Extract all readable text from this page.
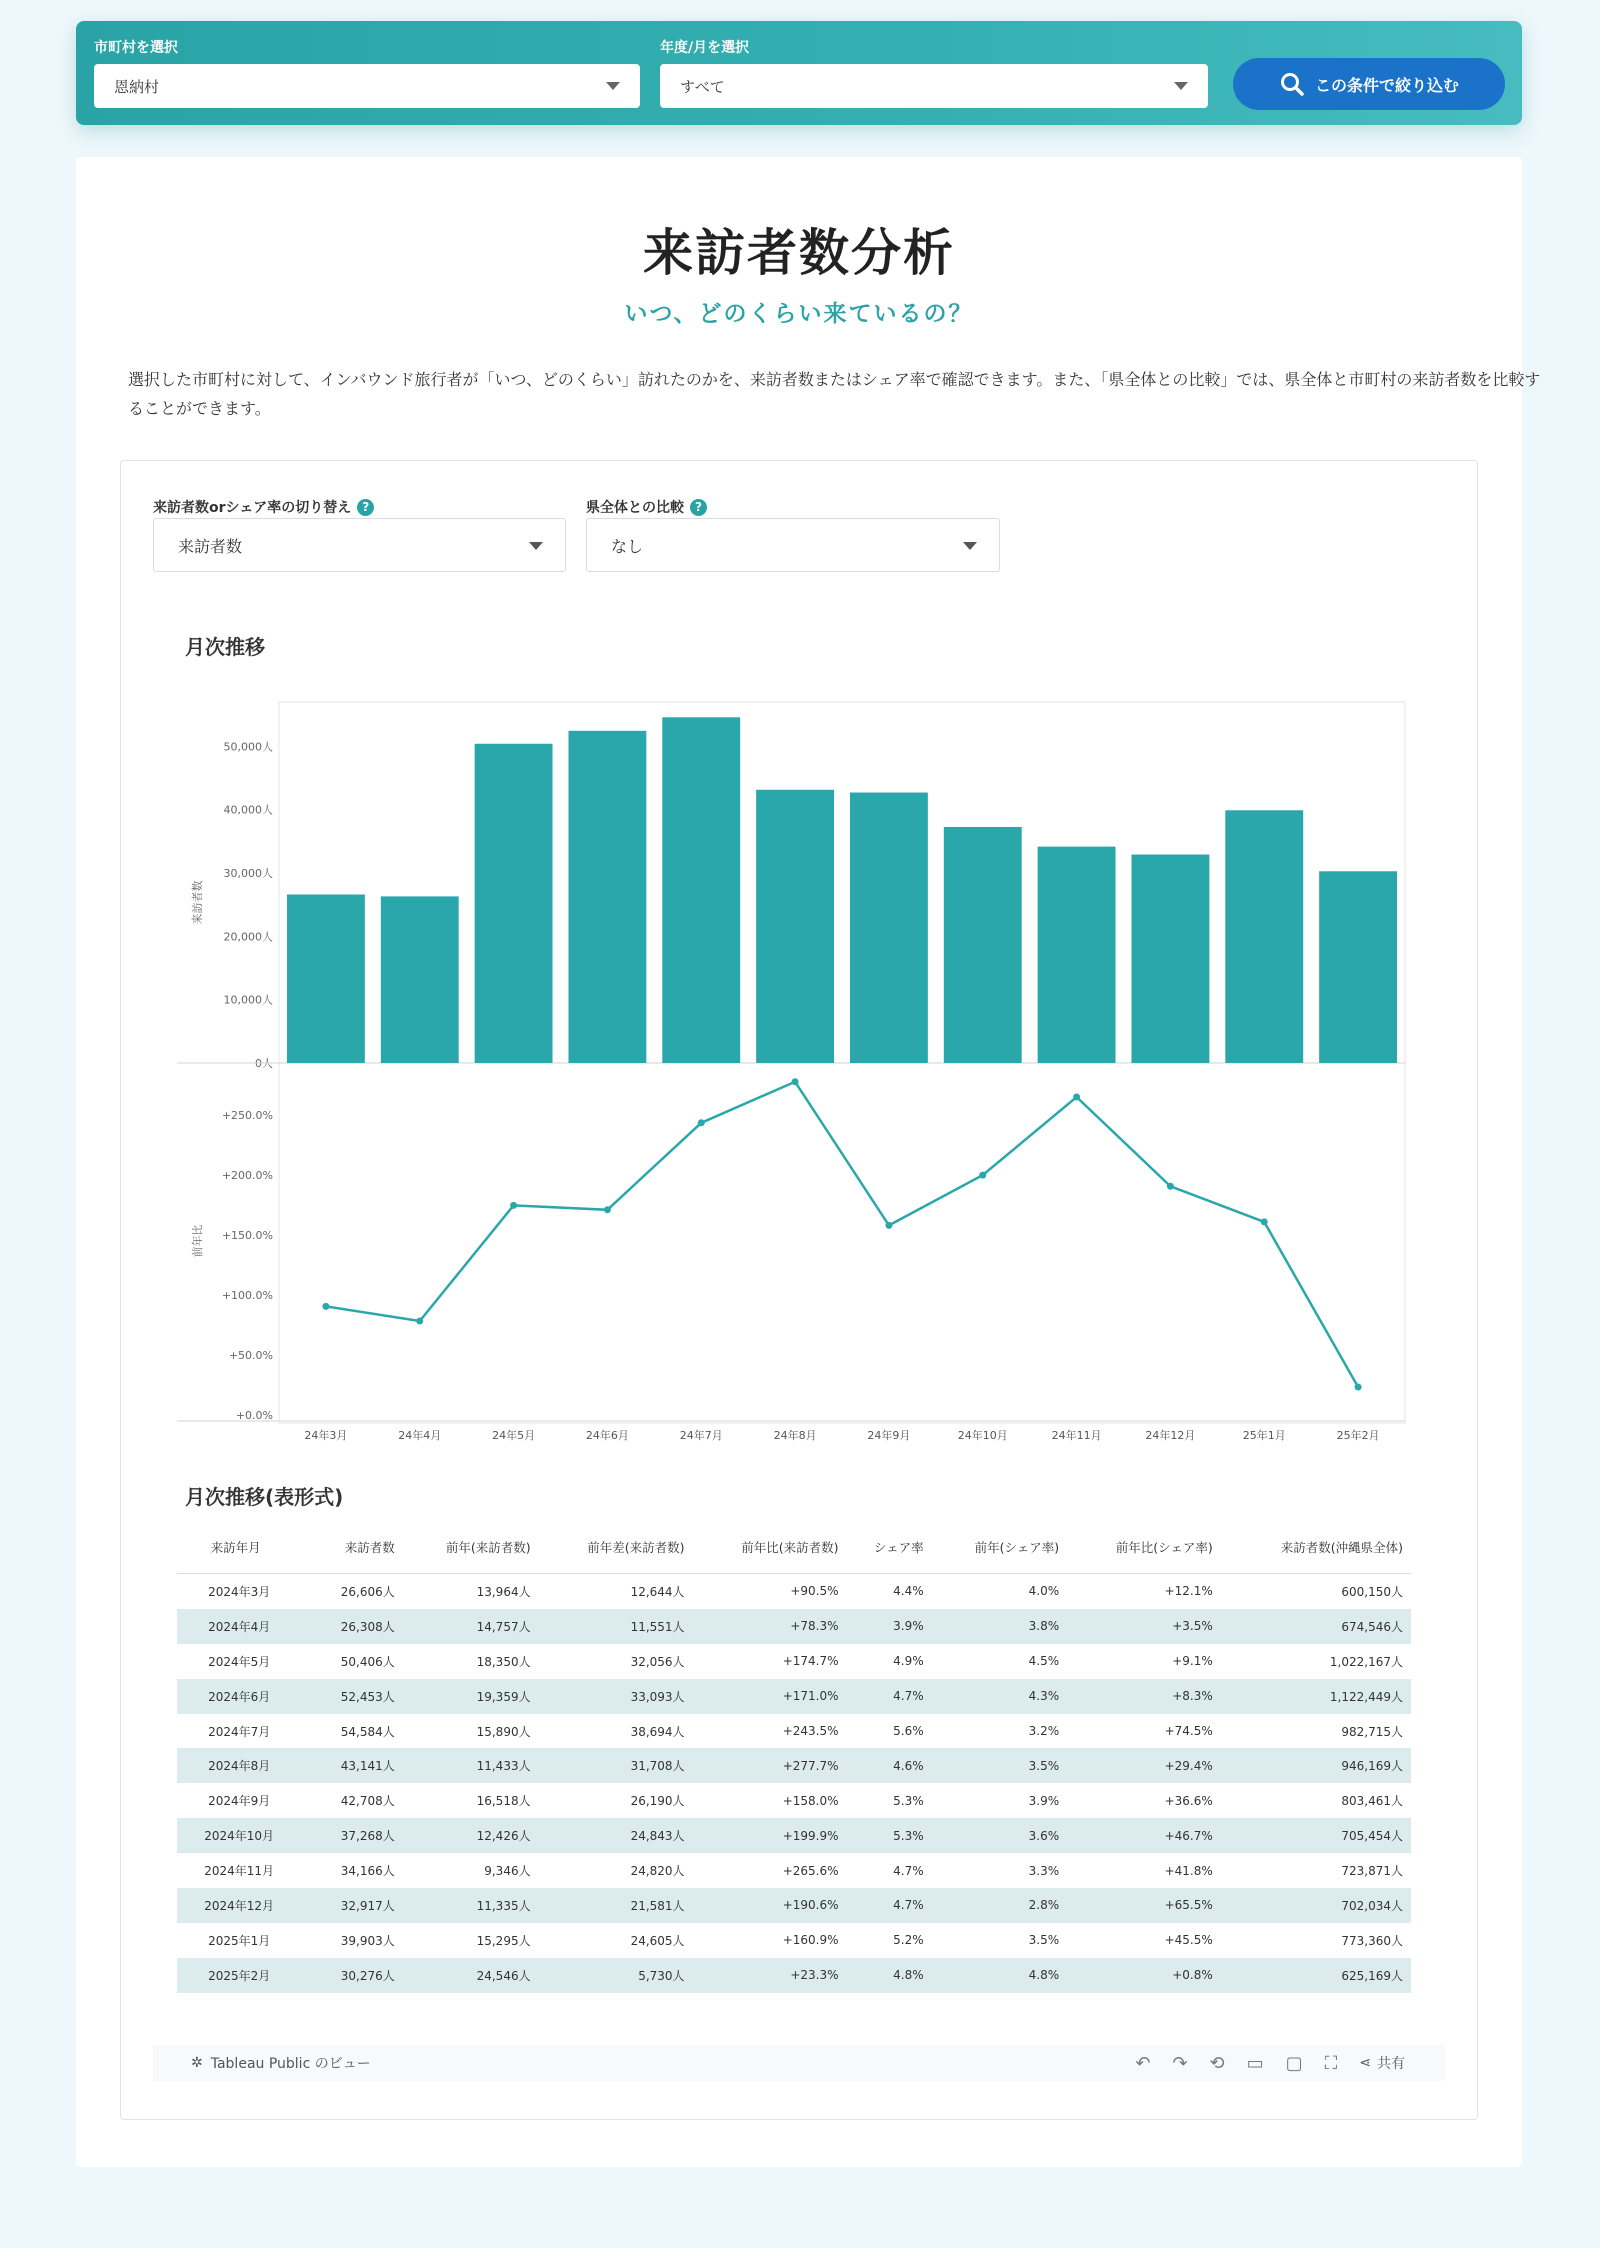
市町村を選択
恩納村
年度/月を選択
すべて	この条件で絞り込む
来訪者数分析
いつ、どのくらい来ているの？
選択した市町村に対して、インバウンド旅行者が「いつ、どのくらい」訪れたのかを、来訪者数またはシェア率で確認できます。また、「県全体との比較」では、県全体と市町村の来訪者数を比較することができます。
来訪者数orシェア率の切り替え ?
来訪者数
県全体との比較 ?
なし
月次推移
0人
10,000人
20,000人
30,000人
40,000人
50,000人
来訪者数
+0.0%
+50.0%
+100.0%
+150.0%
+200.0%
+250.0%
前年比
24年3月	24年4月	24年5月	24年6月	24年7月	24年8月	24年9月	24年10月	24年11月	24年12月	25年1月	25年2月
月次推移(表形式)
来訪年月	来訪者数	前年(来訪者数)	前年差(来訪者数)	前年比(来訪者数)	シェア率	前年(シェア率)	前年比(シェア率)	来訪者数(沖縄県全体)
2024年3月	26,606人	13,964人	12,644人	+90.5%	4.4%	4.0%	+12.1%	600,150人
2024年4月	26,308人	14,757人	11,551人	+78.3%	3.9%	3.8%	+3.5%	674,546人
2024年5月	50,406人	18,350人	32,056人	+174.7%	4.9%	4.5%	+9.1%	1,022,167人
2024年6月	52,453人	19,359人	33,093人	+171.0%	4.7%	4.3%	+8.3%	1,122,449人
2024年7月	54,584人	15,890人	38,694人	+243.5%	5.6%	3.2%	+74.5%	982,715人
2024年8月	43,141人	11,433人	31,708人	+277.7%	4.6%	3.5%	+29.4%	946,169人
2024年9月	42,708人	16,518人	26,190人	+158.0%	5.3%	3.9%	+36.6%	803,461人
2024年10月	37,268人	12,426人	24,843人	+199.9%	5.3%	3.6%	+46.7%	705,454人
2024年11月	34,166人	9,346人	24,820人	+265.6%	4.7%	3.3%	+41.8%	723,871人
2024年12月	32,917人	11,335人	21,581人	+190.6%	4.7%	2.8%	+65.5%	702,034人
2025年1月	39,903人	15,295人	24,605人	+160.9%	5.2%	3.5%	+45.5%	773,360人
2025年2月	30,276人	24,546人	5,730人	+23.3%	4.8%	4.8%	+0.8%	625,169人
✲ Tableau Public のビュー	↶ ↷ ⟲ ▭ ▢ ⛶ ⋖ 共有
